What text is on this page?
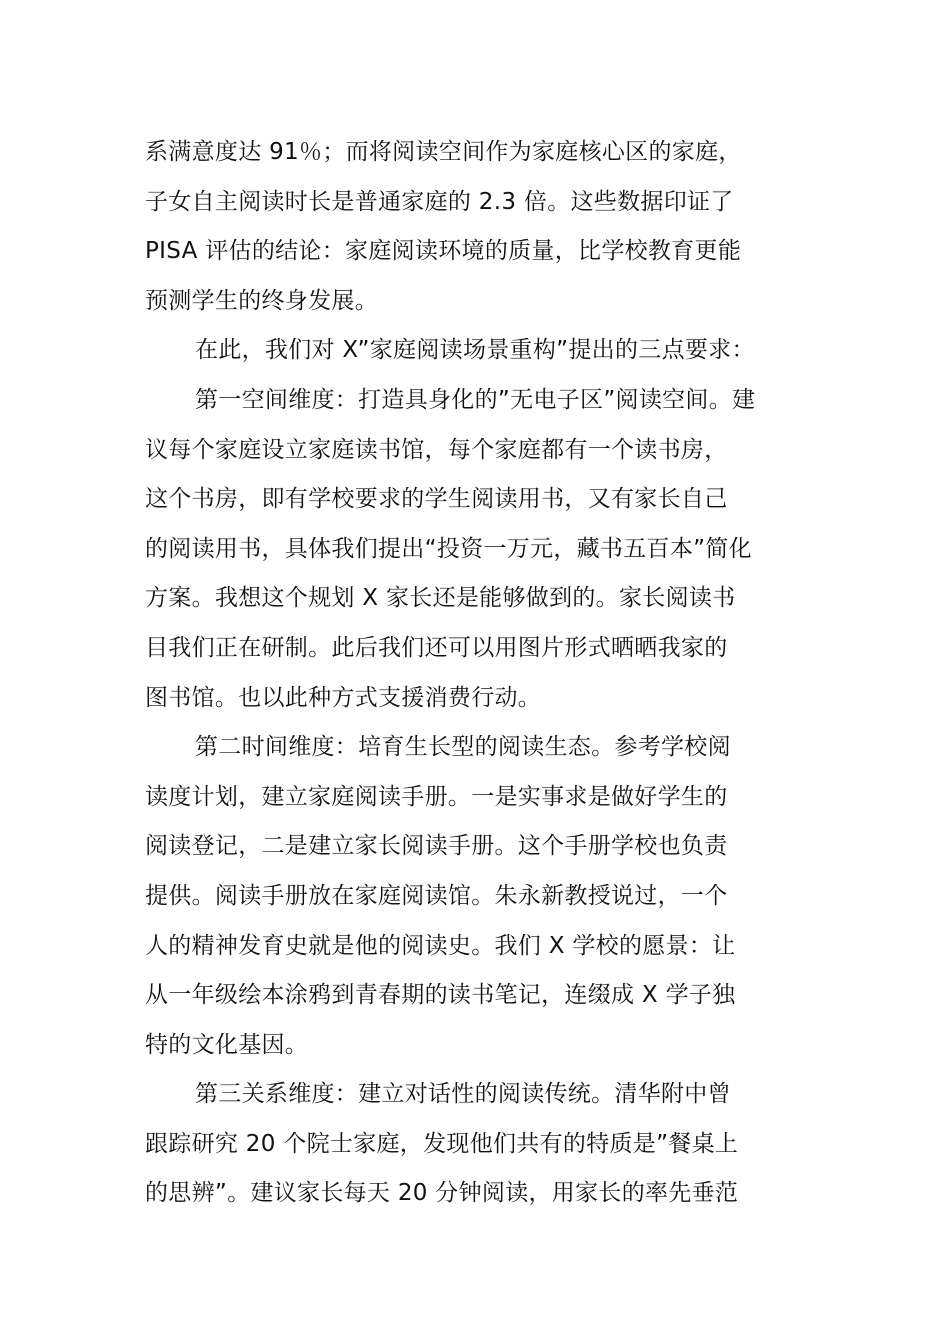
系满意度达 91％；而将阅读空间作为家庭核心区的家庭，
子女自主阅读时长是普通家庭的 2.3 倍。这些数据印证了
PISA 评估的结论：家庭阅读环境的质量，比学校教育更能
预测学生的终身发展。
在此，我们对 X”家庭阅读场景重构”提出的三点要求：
第一空间维度：打造具身化的”无电子区”阅读空间。建
议每个家庭设立家庭读书馆，每个家庭都有一个读书房，
这个书房，即有学校要求的学生阅读用书，又有家长自己
的阅读用书，具体我们提出“投资一万元，藏书五百本”简化
方案。我想这个规划 X 家长还是能够做到的。家长阅读书
目我们正在研制。此后我们还可以用图片形式晒晒我家的
图书馆。也以此种方式支援消费行动。
第二时间维度：培育生长型的阅读生态。参考学校阅
读度计划，建立家庭阅读手册。一是实事求是做好学生的
阅读登记，二是建立家长阅读手册。这个手册学校也负责
提供。阅读手册放在家庭阅读馆。朱永新教授说过，一个
人的精神发育史就是他的阅读史。我们 X 学校的愿景：让
从一年级绘本涂鸦到青春期的读书笔记，连缀成 X 学子独
特的文化基因。
第三关系维度：建立对话性的阅读传统。清华附中曾
跟踪研究 20 个院士家庭，发现他们共有的特质是”餐桌上
的思辨”。建议家长每天 20 分钟阅读，用家长的率先垂范
